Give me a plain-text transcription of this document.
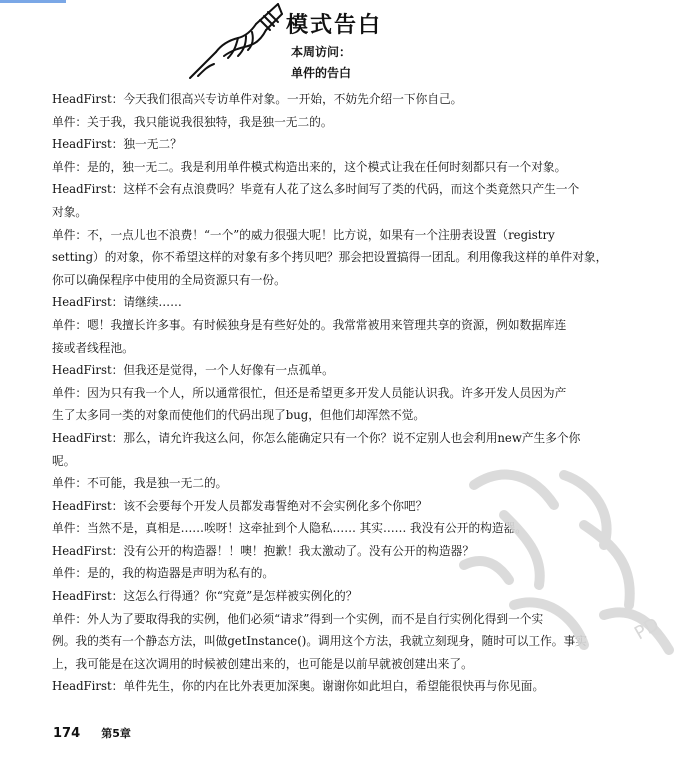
模式告白
本周访问：
单件的告白
HeadFirst：今天我们很高兴专访单件对象。一开始，不妨先介绍一下你自己。
单件：关于我，我只能说我很独特，我是独一无二的。
HeadFirst：独一无二？
单件：是的，独一无二。我是利用单件模式构造出来的，这个模式让我在任何时刻都只有一个对象。
HeadFirst：这样不会有点浪费吗？毕竟有人花了这么多时间写了类的代码，而这个类竟然只产生一个
对象。
单件：不，一点儿也不浪费！“一个”的威力很强大呢！比方说，如果有一个注册表设置（registry
setting）的对象，你不希望这样的对象有多个拷贝吧？那会把设置搞得一团乱。利用像我这样的单件对象，
你可以确保程序中使用的全局资源只有一份。
HeadFirst：请继续……
单件：嗯！我擅长许多事。有时候独身是有些好处的。我常常被用来管理共享的资源，例如数据库连
接或者线程池。
HeadFirst：但我还是觉得，一个人好像有一点孤单。
单件：因为只有我一个人，所以通常很忙，但还是希望更多开发人员能认识我。许多开发人员因为产
生了太多同一类的对象而使他们的代码出现了bug，但他们却浑然不觉。
HeadFirst：那么，请允许我这么问，你怎么能确定只有一个你？说不定别人也会利用new产生多个你
呢。
单件：不可能，我是独一无二的。
HeadFirst：该不会要每个开发人员都发毒誓绝对不会实例化多个你吧？
单件：当然不是，真相是……唉呀！这牵扯到个人隐私…… 其实…… 我没有公开的构造器。
HeadFirst：没有公开的构造器！！噢！抱歉！我太激动了。没有公开的构造器？
单件：是的，我的构造器是声明为私有的。
HeadFirst：这怎么行得通？你“究竟”是怎样被实例化的？
单件：外人为了要取得我的实例，他们必须“请求”得到一个实例，而不是自行实例化得到一个实
例。我的类有一个静态方法，叫做getInstance()。调用这个方法，我就立刻现身，随时可以工作。事实
上，我可能是在这次调用的时候被创建出来的，也可能是以前早就被创建出来了。
HeadFirst：单件先生，你的内在比外表更加深奥。谢谢你如此坦白，希望能很快再与你见面。
PD
174 第5章
